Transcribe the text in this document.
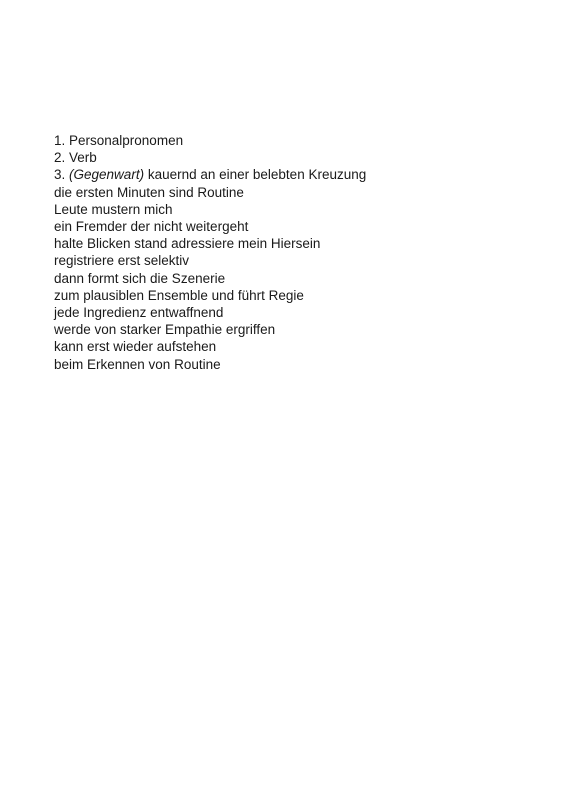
1. Personalpronomen

2. Verb

3. (Gegenwart) kauernd an einer belebten Kreuzung

die ersten Minuten sind Routine

Leute mustern mich

ein Fremder der nicht weitergeht

halte Blicken stand adressiere mein Hiersein

registriere erst selektiv

dann formt sich die Szenerie

zum plausiblen Ensemble und führt Regie

jede Ingredienz entwaffnend

werde von starker Empathie ergriffen

kann erst wieder aufstehen

beim Erkennen von Routine
